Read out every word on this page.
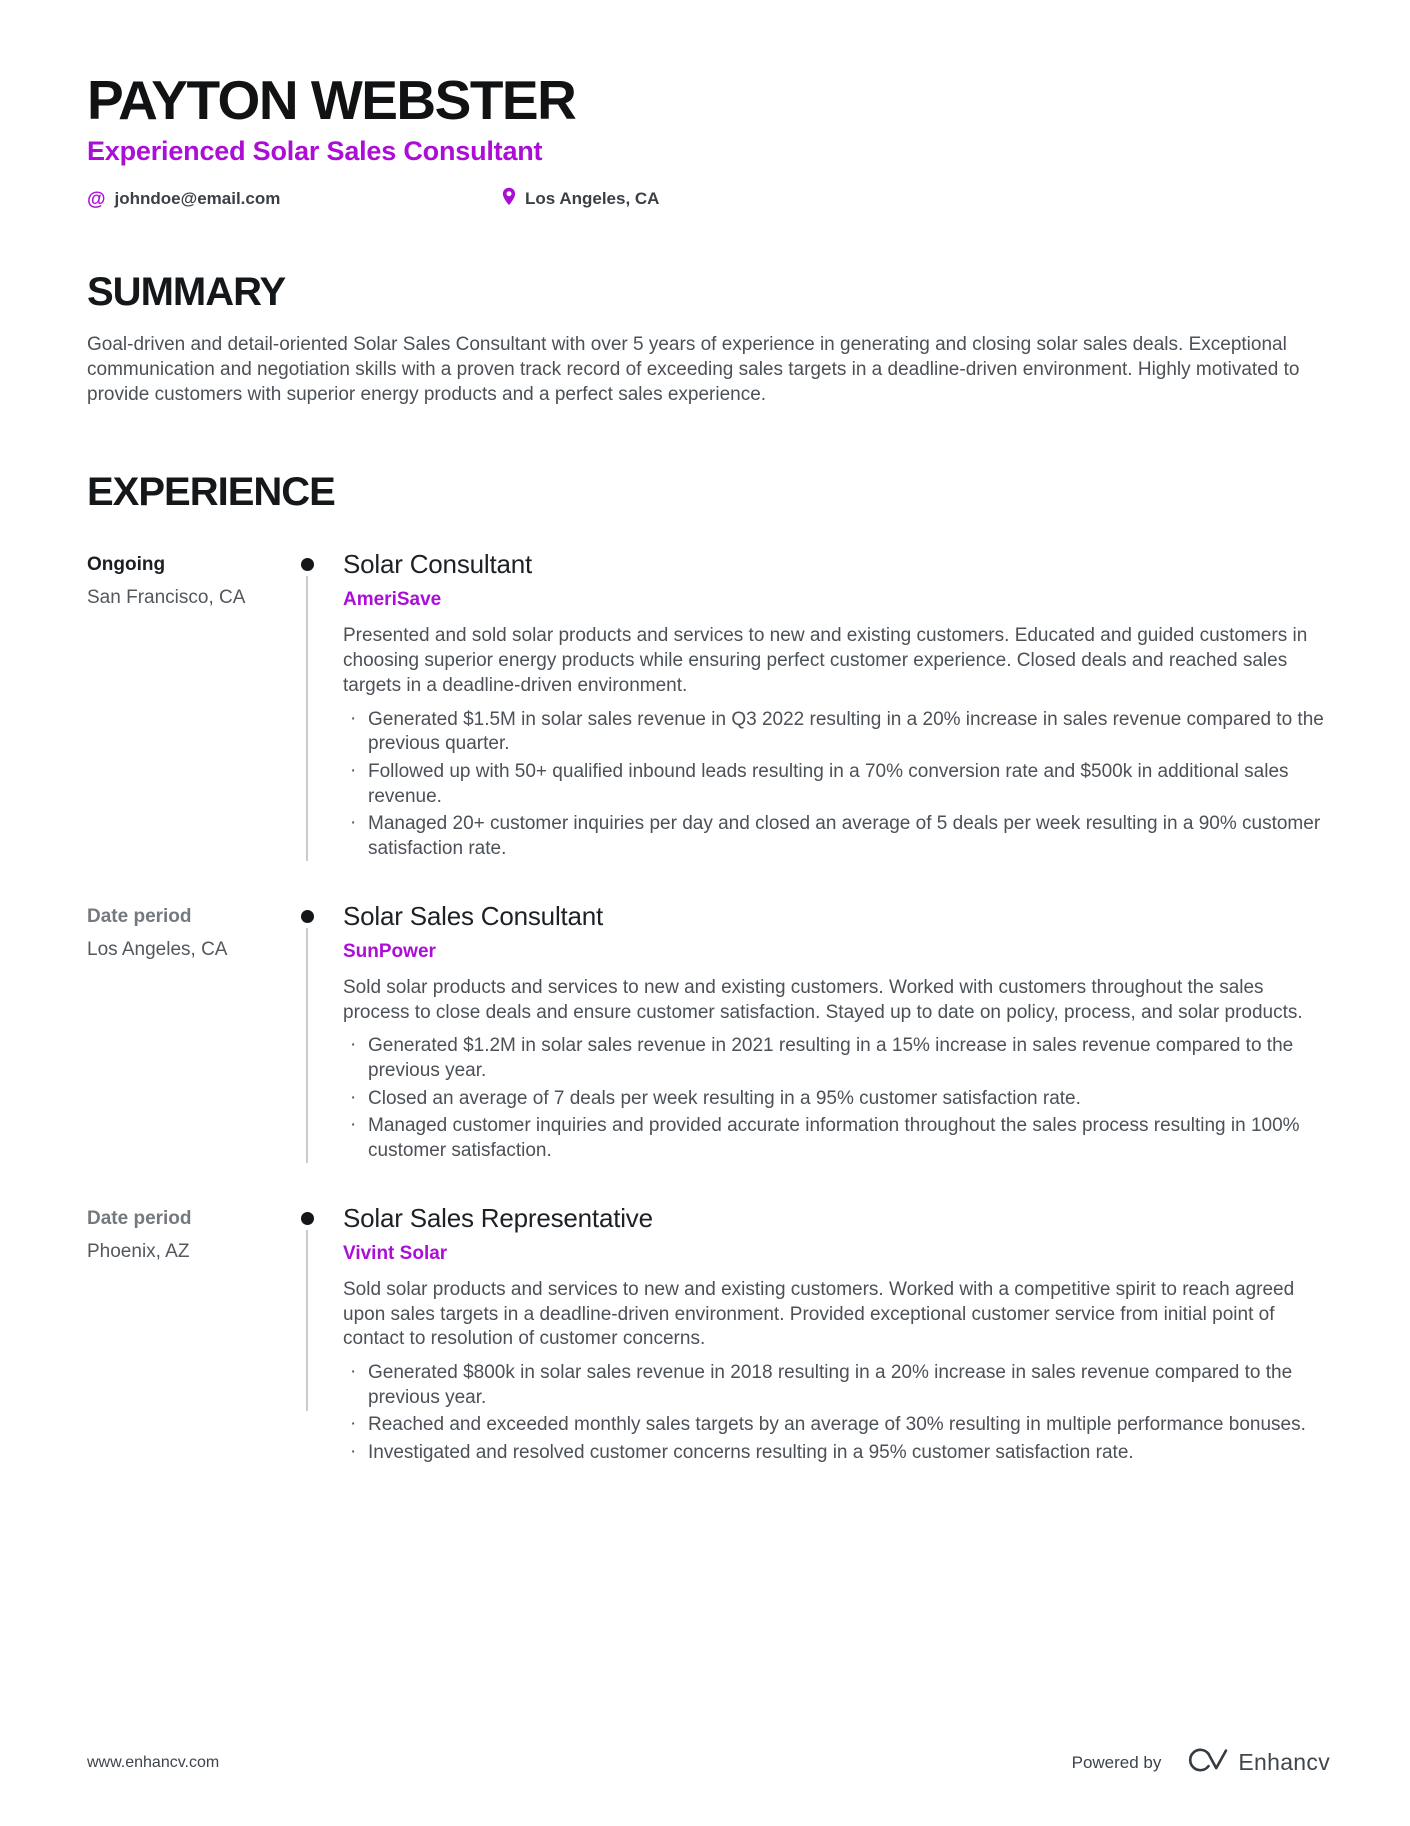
PAYTON WEBSTER
Experienced Solar Sales Consultant
@ johndoe@email.com	Los Angeles, CA
SUMMARY

Goal-driven and detail-oriented Solar Sales Consultant with over 5 years of experience in generating and closing solar sales deals. Exceptional communication and negotiation skills with a proven track record of exceeding sales targets in a deadline-driven environment. Highly motivated to provide customers with superior energy products and a perfect sales experience.

EXPERIENCE
Ongoing
San Francisco, CA
Solar Consultant
AmeriSave

Presented and sold solar products and services to new and existing customers. Educated and guided customers in choosing superior energy products while ensuring perfect customer experience. Closed deals and reached sales targets in a deadline-driven environment.

· Generated $1.5M in solar sales revenue in Q3 2022 resulting in a 20% increase in sales revenue compared to the previous quarter.
· Followed up with 50+ qualified inbound leads resulting in a 70% conversion rate and $500k in additional sales revenue.
· Managed 20+ customer inquiries per day and closed an average of 5 deals per week resulting in a 90% customer satisfaction rate.
Date period
Los Angeles, CA
Solar Sales Consultant
SunPower

Sold solar products and services to new and existing customers. Worked with customers throughout the sales process to close deals and ensure customer satisfaction. Stayed up to date on policy, process, and solar products.

· Generated $1.2M in solar sales revenue in 2021 resulting in a 15% increase in sales revenue compared to the previous year.
· Closed an average of 7 deals per week resulting in a 95% customer satisfaction rate.
· Managed customer inquiries and provided accurate information throughout the sales process resulting in 100% customer satisfaction.
Date period
Phoenix, AZ
Solar Sales Representative
Vivint Solar

Sold solar products and services to new and existing customers. Worked with a competitive spirit to reach agreed upon sales targets in a deadline-driven environment. Provided exceptional customer service from initial point of contact to resolution of customer concerns.

· Generated $800k in solar sales revenue in 2018 resulting in a 20% increase in sales revenue compared to the previous year.
· Reached and exceeded monthly sales targets by an average of 30% resulting in multiple performance bonuses.
· Investigated and resolved customer concerns resulting in a 95% customer satisfaction rate.
www.enhancv.com	Powered by	Enhancv
